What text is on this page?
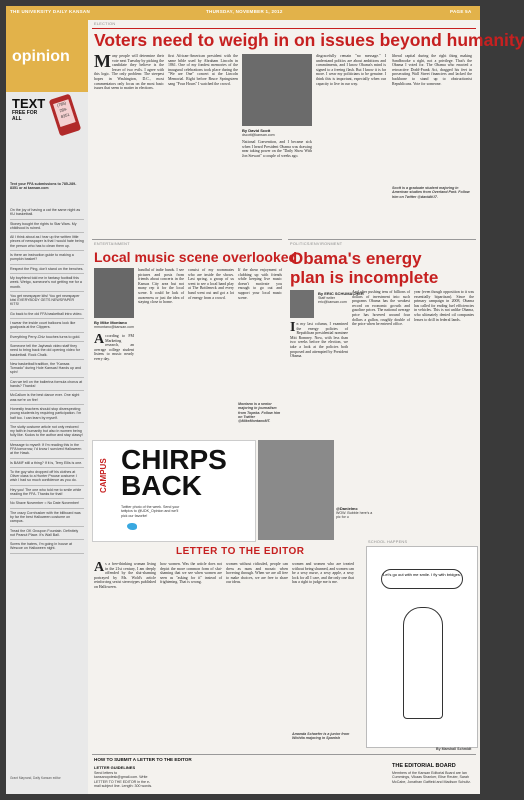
THE UNIVERSITY DAILY KANSAN	THURSDAY, NOVEMBER 1, 2012	PAGE 5A
opinion
TEXT
FREE FOR ALL
(785) 289-8351
Text your FFA submissions to 785-289-8351 or at kansan.com
On the joy of having a cat the same night as KU basketball.
Stoney bought the rights to Star Wars. My childhood is ruined.
All I think about as I tear up the written little pieces of newspaper is that I would hate being the person who has to clean them up.
Is there an instruction guide to making a pumpkin basket?
Respect the Ping, don't stand on the benches.
My boyfriend told me in fantasy football this week. Wetgo, someone's not getting me for a month.
You get newspaper kits! You get newspaper kits! EVERYBODY GETS NEWSPAPER KITS!
Go back to the old FFA basketball intro video.
I swear the inside court balloons look like goalposts at the Clippers.
Everything Perry-Chiz touches turns to gold.
Someone tell the Jayhawk video staff they need to bring back the old opening video for basketball. Rock Chalk.
New basketball tradition, the "Kansas Tornado" during Hole Kansas! Hands up and spin!
Can we tell on the ballerina formula chorus at hands? Thanks!
McCallum is the best dance ever. One sight was we're on fire!
Honestly teachers should stop disrespecting young students by requiring participation. I'm half too. I can learn by myself.
The slutty costume article not only restored my faith in humanity but also in women being fully like. Kudos to the author and stay classy!
Message to myself: If I'm reading this in the FFA tomorrow, I'd know I survived Halloween at the Hawk.
Is BAMF still a thing? If it is, Terry Ellis is one.
To the guy who dropped off his clothes at Oliver class to a Hunter Prouse costume: I wish I had so much confidence as you do.
Hey you! The one who told me to smile while reading the FFA. Thanks for that!
No Shave November = No Date November!
The crazy Cornhusker with the billboard was by far the best Halloween costume on campus.
Tread the OK Groupon Fountain. Definitely not Peanut Place. It's Wall Ball.
Screw the haters, I'm going in house at Wescoe on Halloween night.
Grant Mayrand, Daily Kansan editor
ELECTION
Voters need to weigh in on issues beyond humanity
Many people will determine their vote next Tuesday by picking the candidate they believe is the lesser of two evils. I agree with this logic. The only problem: The steepest hopes in Washington, D.C., most commentators only focus on the most basic issues that seem to matter in elections.
first African-American president with the same bible used by Abraham Lincoln in 1861. One of my fondest memories of the inaugural celebrations took place during the "We are One" concert at the Lincoln Memorial. Right before Bruce Springsteen sang "Four Hours" I watched the crowd.
By David Scott
dscott@kansan.com
National Convention, and I became sick when I heard President Obama was drawing near taking power on the "Daily Show With Jon Stewart" a couple of weeks ago.
disgracefully remain "no message." I understand politics are about ambitions and commitments, and I know Obama's mind is signed to a freeing flash. But I know it is far more. I wear my politicians to be genuine. I think this is important, especially when our capacity to live in our way.
liberal capital during the right thing making Sandbrooke a right, not a privilege. That's the Obama I voted for. The Obama who enacted a retroactive Dodd-Frank Act, dragged his feet in prosecuting Wall Street financiers and lacked the backbone to stand up to obstructionist Republicans. Vote for someone.
Scott is a graduate student majoring in American studies from Overland Park. Follow him on Twitter @davidkU7.
ENTERTAINMENT
Local music scene overlooked
By Mike Montano
mmontano@kansan.com
According to FM Marketing research, an average college student listens to music nearly every day.
handful of indie bands. I see pictures and posts from friends about concerts in the Kansas City area but not many rep it for the local scene. It could be lack of awareness or just the idea of staying close to home.
consist of my roommates who are inside the shows. Last spring, a group of us went to see a local band play at The Bottleneck and every band went out and got a lot of energy from a crowd.
If the shear enjoyment of clubbing up with friends while keeping live music doesn't motivate you enough to go out and support your local music scene.
Montano is a senior majoring in journalism from Topeka. Follow him on Twitter @MikeMontanoMT.
POLITICS/ENVIRONMENT
Obama's energy
plan is incomplete
By ERIC SCHUMACHER
Staff writer
eric@kansan.com
In my last column, I examined the energy policies of Republican presidential nominee Mitt Romney. Now, with less than two weeks before the election, we take a look at the policies both proposed and attempted by President Obama.
And after pushing tens of billions of dollars of investment into such programs Obama has the weakest record on economic growth and gasoline prices. The national average price has hovered around four dollars a gallon, roughly double of the price when he entered office.
year (even though opposition to it was essentially bipartisan). Since the primary campaign in 2008, Obama has called for ending fuel efficiencies in vehicles. This is not unlike Obama, who ultimately denied oil companies leases to drill in federal lands.
CAMPUS CHIRPS BACK
Twitter photo of the week. Send your twitpics to @UDK_Opinion and we'll pick our favorite!
@Danielmc
WOW. Bubble here's a pic for u
LETTER TO THE EDITOR
As a free-thinking woman living in the 21st century, I am deeply offended by the slut-shaming portrayed by Ms. Wold's article reinforcing sexist stereotypes published on Halloween.
how women. Was the article does not depict the more common form of slut-shaming that we see when women are seen as "asking for it" instead of frightening. That is wrong.
women without ridiculed, people can dress as nuns and mosaic when hovering through. When we are all free to make choices, we are free to share our ideas.
women and women who are treated without being shunned, and women can be a sexy nurse, a sexy apple, a sexy lock for all I care, and the only one that has a right to judge me is me.
Amanda Schaefer is a junior from Wichita majoring in Spanish
SCHOOL HAPPENS
Let's go out with me smile. I fly with bridges.
By Marshall Schmidt
HOW TO SUBMIT A LETTER TO THE EDITOR
LETTER GUIDELINES
Send letters to kansanopdesk@gmail.com. Write LETTER TO THE EDITOR in the e-mail subject line. Length: 300 words.
THE EDITORIAL BOARD
Members of the Kansan Editorial Board are Ian Cummings, Vikaas Shanker, Elise Reuter, Sarah McCabe, Jonathan Gatfield and Madison Schultz.
